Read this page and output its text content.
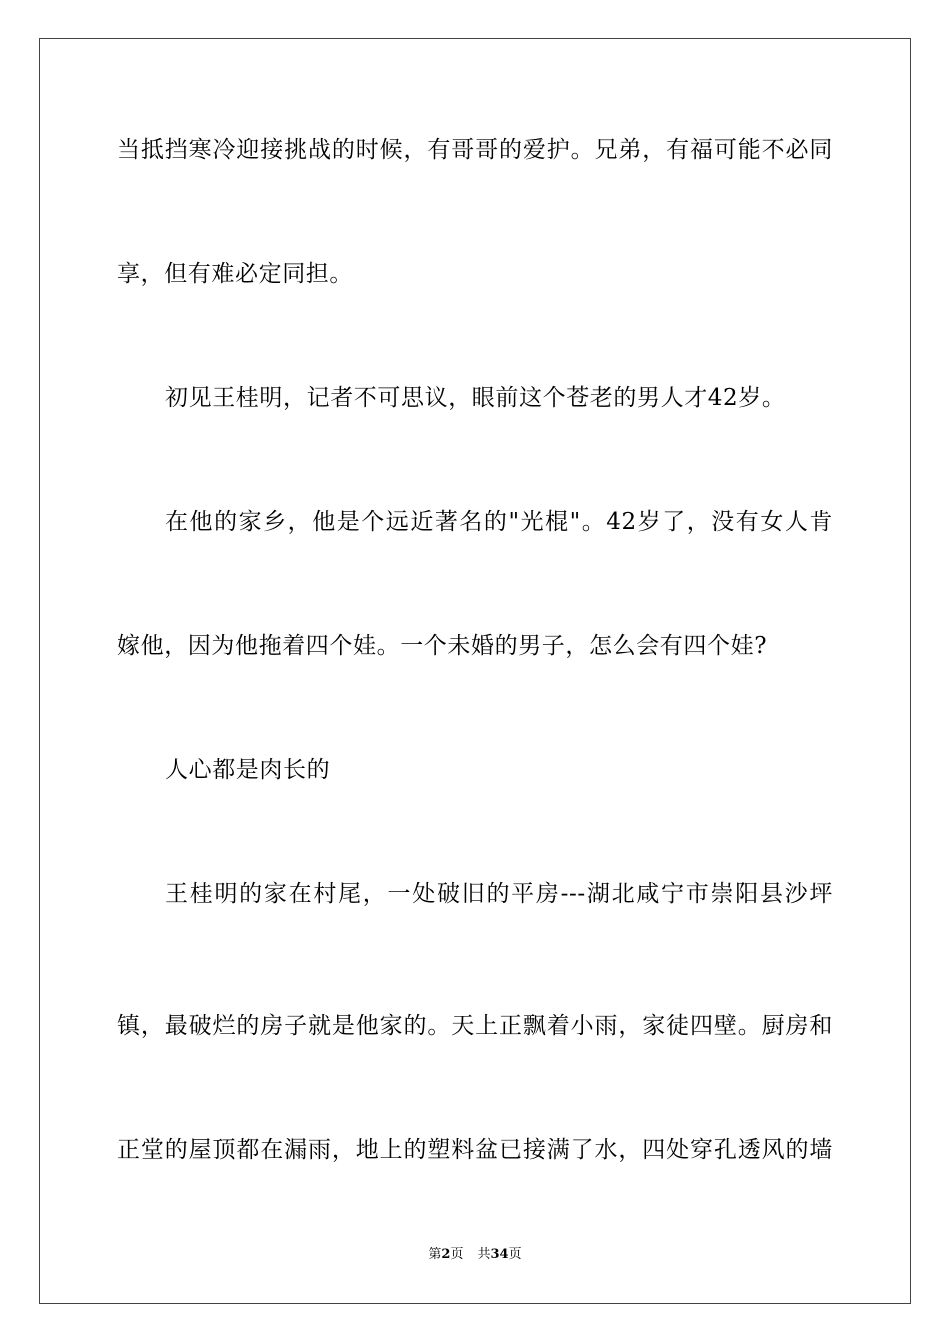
当抵挡寒冷迎接挑战的时候，有哥哥的爱护。兄弟，有福可能不必同
享，但有难必定同担。
初见王桂明，记者不可思议，眼前这个苍老的男人才42岁。
在他的家乡，他是个远近著名的"光棍"。42岁了，没有女人肯
嫁他，因为他拖着四个娃。一个未婚的男子，怎么会有四个娃?
人心都是肉长的
王桂明的家在村尾，一处破旧的平房---湖北咸宁市崇阳县沙坪
镇，最破烂的房子就是他家的。天上正飘着小雨，家徒四壁。厨房和
正堂的屋顶都在漏雨，地上的塑料盆已接满了水，四处穿孔透风的墙
第2页 共34页
